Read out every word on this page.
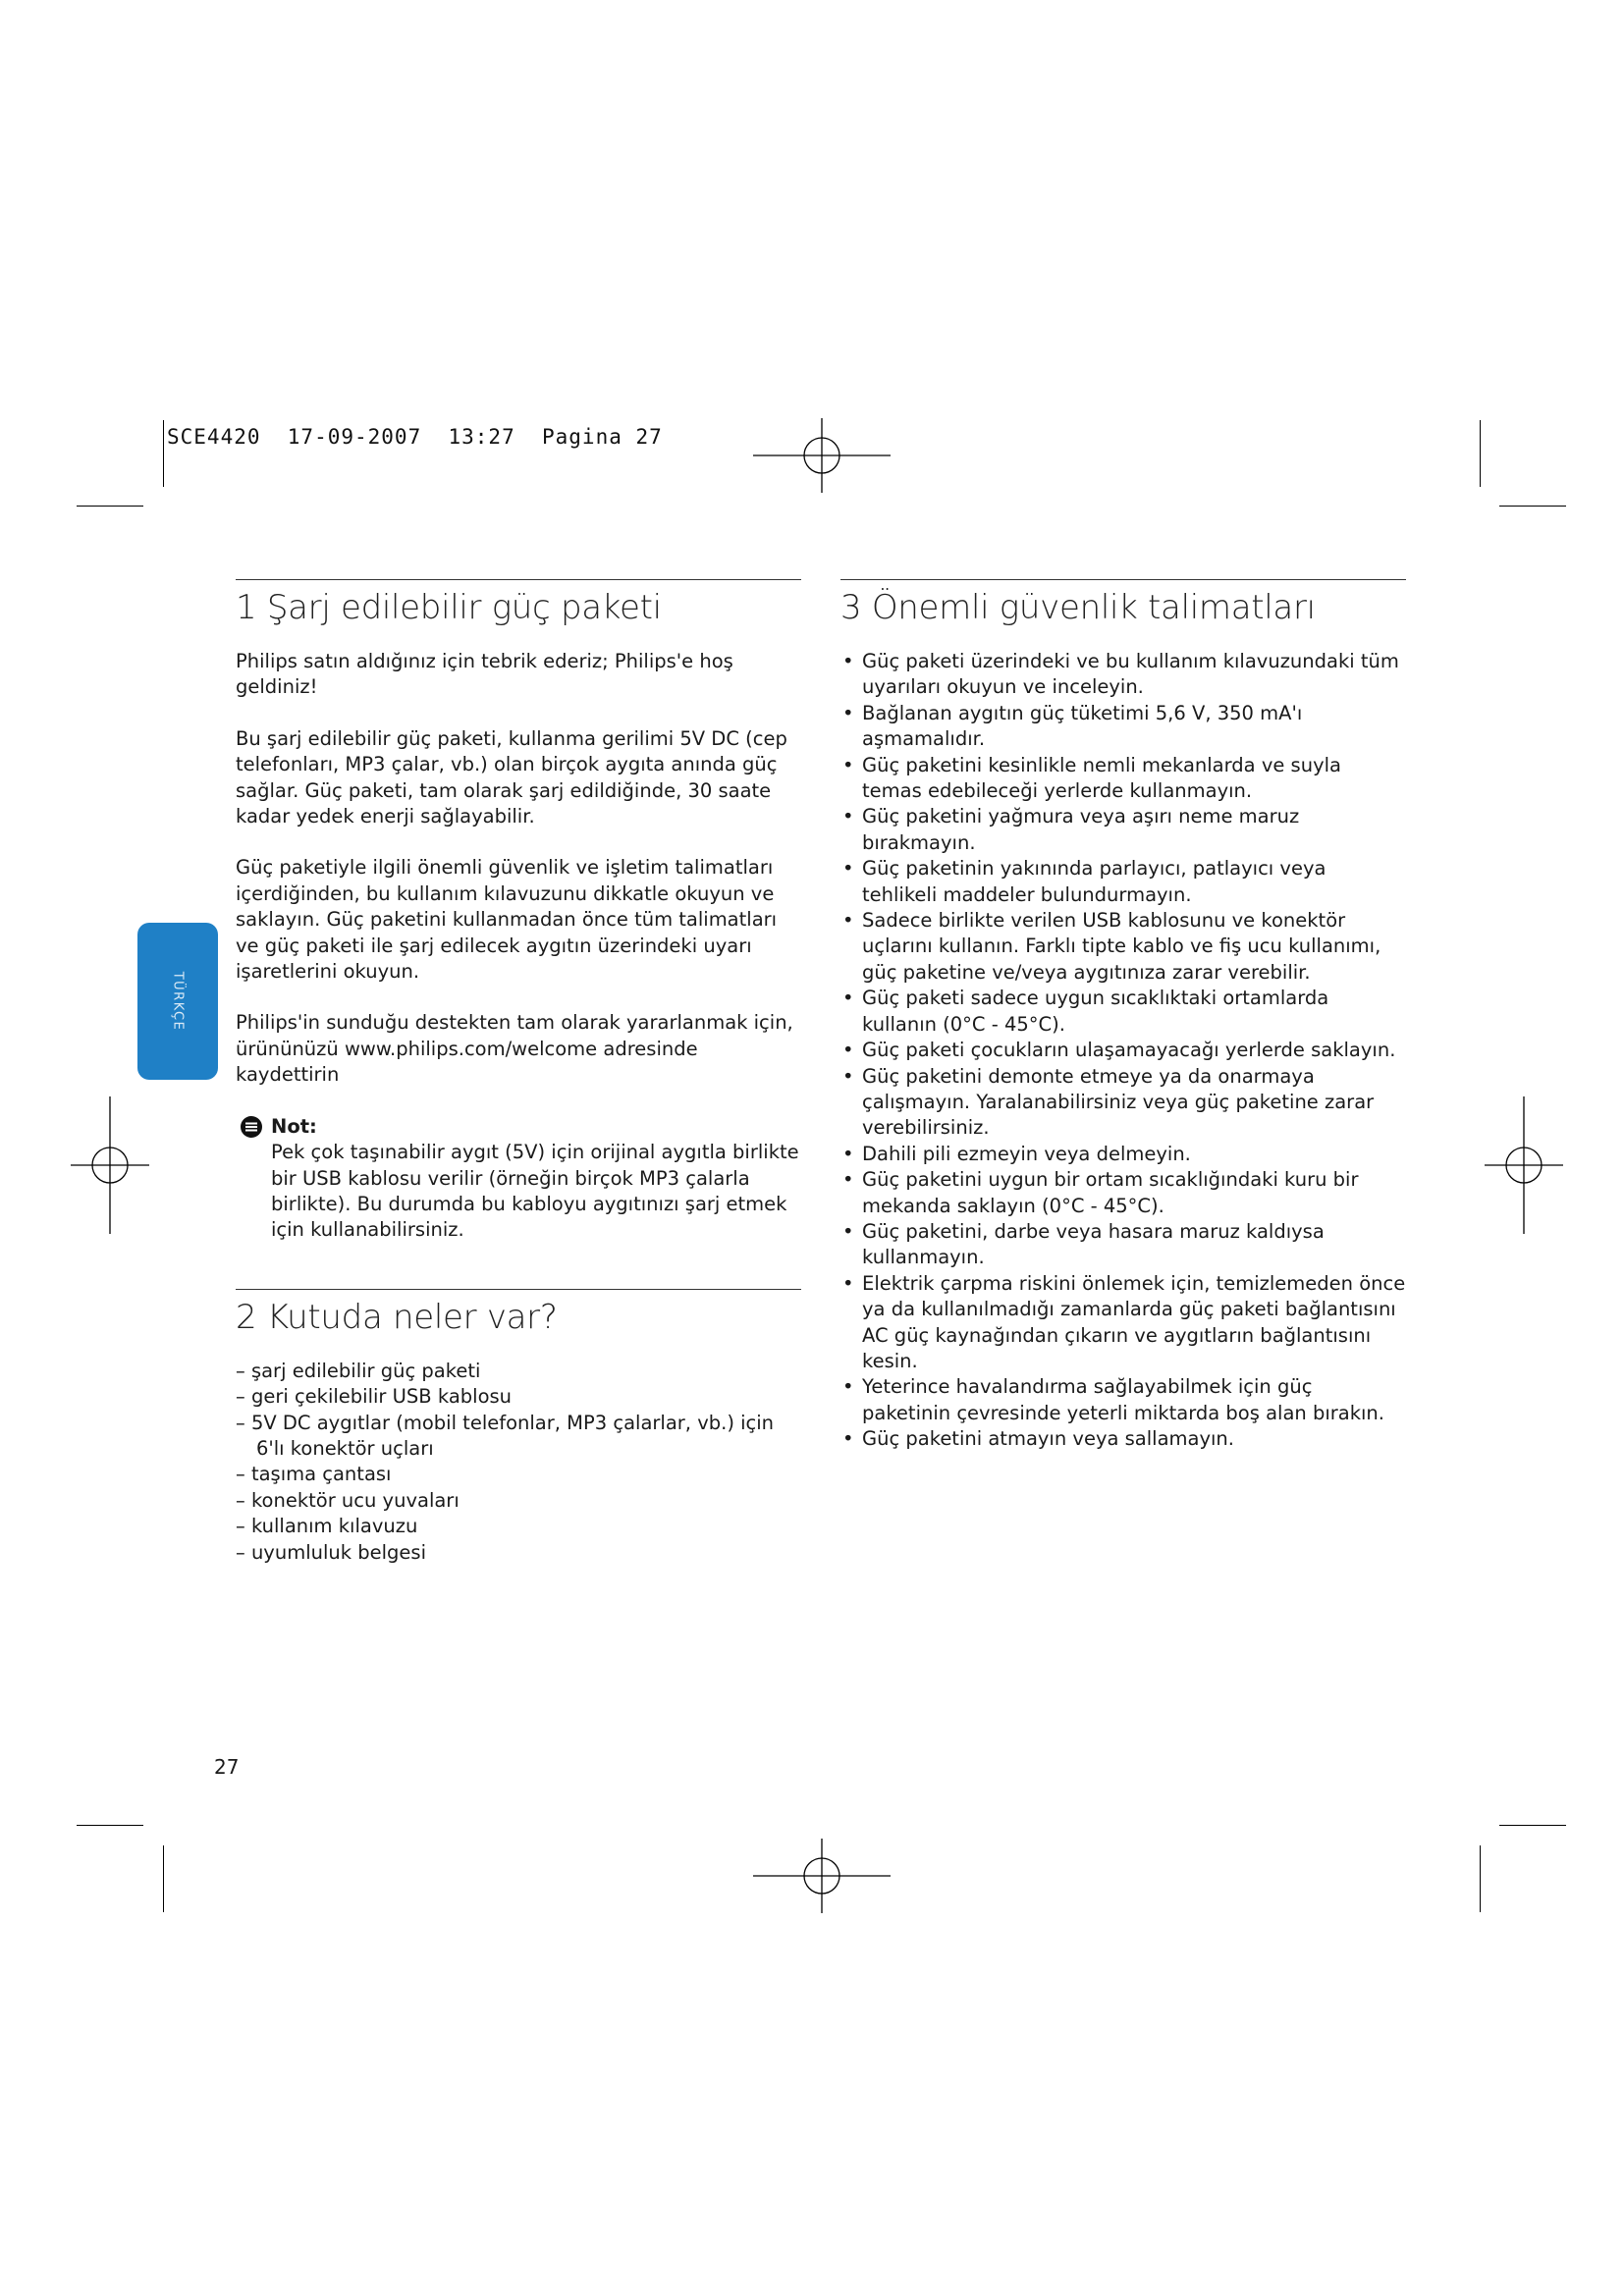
SCE4420  17-09-2007  13:27  Pagina 27
TÜRKÇE
1 Şarj edilebilir güç paketi

Philips satın aldığınız için tebrik ederiz; Philips'e hoş geldiniz!

Bu şarj edilebilir güç paketi, kullanma gerilimi 5V DC (cep telefonları, MP3 çalar, vb.) olan birçok aygıta anında güç sağlar. Güç paketi, tam olarak şarj edildiğinde, 30 saate kadar yedek enerji sağlayabilir.

Güç paketiyle ilgili önemli güvenlik ve işletim talimatları içerdiğinden, bu kullanım kılavuzunu dikkatle okuyun ve saklayın. Güç paketini kullanmadan önce tüm talimatları ve güç paketi ile şarj edilecek aygıtın üzerindeki uyarı işaretlerini okuyun.

Philips'in sunduğu destekten tam olarak yararlanmak için, ürününüzü www.philips.com/welcome adresinde kaydettirin

Not:

Pek çok taşınabilir aygıt (5V) için orijinal aygıtla birlikte bir USB kablosu verilir (örneğin birçok MP3 çalarla birlikte). Bu durumda bu kabloyu aygıtınızı şarj etmek için kullanabilirsiniz.

2 Kutuda neler var?
– şarj edilebilir güç paketi
– geri çekilebilir USB kablosu
– 5V DC aygıtlar (mobil telefonlar, MP3 çalarlar, vb.) için 6'lı konektör uçları
– taşıma çantası
– konektör ucu yuvaları
– kullanım kılavuzu
– uyumluluk belgesi
3 Önemli güvenlik talimatları
• Güç paketi üzerindeki ve bu kullanım kılavuzundaki tüm uyarıları okuyun ve inceleyin.
• Bağlanan aygıtın güç tüketimi 5,6 V, 350 mA'ı aşmamalıdır.
• Güç paketini kesinlikle nemli mekanlarda ve suyla temas edebileceği yerlerde kullanmayın.
• Güç paketini yağmura veya aşırı neme maruz bırakmayın.
• Güç paketinin yakınında parlayıcı, patlayıcı veya tehlikeli maddeler bulundurmayın.
• Sadece birlikte verilen USB kablosunu ve konektör uçlarını kullanın. Farklı tipte kablo ve fiş ucu kullanımı, güç paketine ve/veya aygıtınıza zarar verebilir.
• Güç paketi sadece uygun sıcaklıktaki ortamlarda kullanın (0°C - 45°C).
• Güç paketi çocukların ulaşamayacağı yerlerde saklayın.
• Güç paketini demonte etmeye ya da onarmaya çalışmayın. Yaralanabilirsiniz veya güç paketine zarar verebilirsiniz.
• Dahili pili ezmeyin veya delmeyin.
• Güç paketini uygun bir ortam sıcaklığındaki kuru bir mekanda saklayın (0°C - 45°C).
• Güç paketini, darbe veya hasara maruz kaldıysa kullanmayın.
• Elektrik çarpma riskini önlemek için, temizlemeden önce ya da kullanılmadığı zamanlarda güç paketi bağlantısını AC güç kaynağından çıkarın ve aygıtların bağlantısını kesin.
• Yeterince havalandırma sağlayabilmek için güç paketinin çevresinde yeterli miktarda boş alan bırakın.
• Güç paketini atmayın veya sallamayın.
27
